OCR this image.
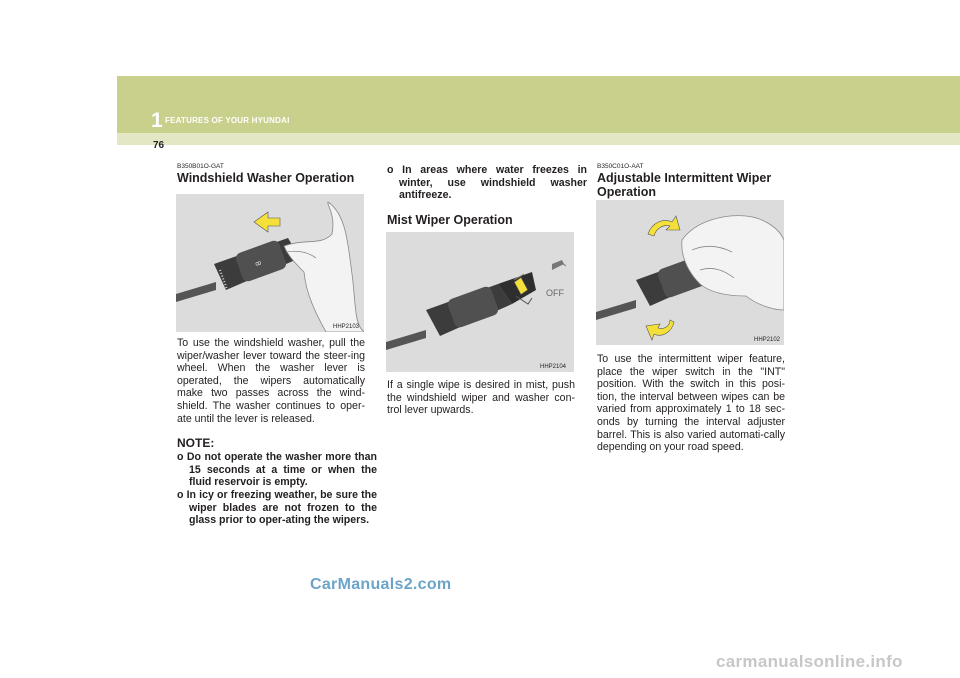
1 FEATURES OF YOUR HYUNDAI
76
B350B01O-GAT
Windshield Washer Operation
ꝏ
HHP2103
To use the windshield washer, pull the wiper/washer lever toward the steer-ing wheel. When the washer lever is operated, the wipers automatically make two passes across the wind-shield. The washer continues to oper-ate until the lever is released.
NOTE:
o Do not operate the washer more than 15 seconds at a time or when the fluid reservoir is empty.
o In icy or freezing weather, be sure the wiper blades are not frozen to the glass prior to oper-ating the wipers.
o In areas where water freezes in winter, use windshield washer antifreeze.
Mist Wiper Operation
OFF
HHP2104
If a single wipe is desired in mist, push the windshield wiper and washer con-trol lever upwards.
B350C01O-AAT
Adjustable Intermittent Wiper Operation
HHP2102
To use the intermittent wiper feature, place the wiper switch in the "INT" position. With the switch in this posi-tion, the interval between wipes can be varied from approximately 1 to 18 sec-onds by turning the interval adjuster barrel. This is also varied automati-cally depending on your road speed.
CarManuals2.com
carmanualsonline.info
